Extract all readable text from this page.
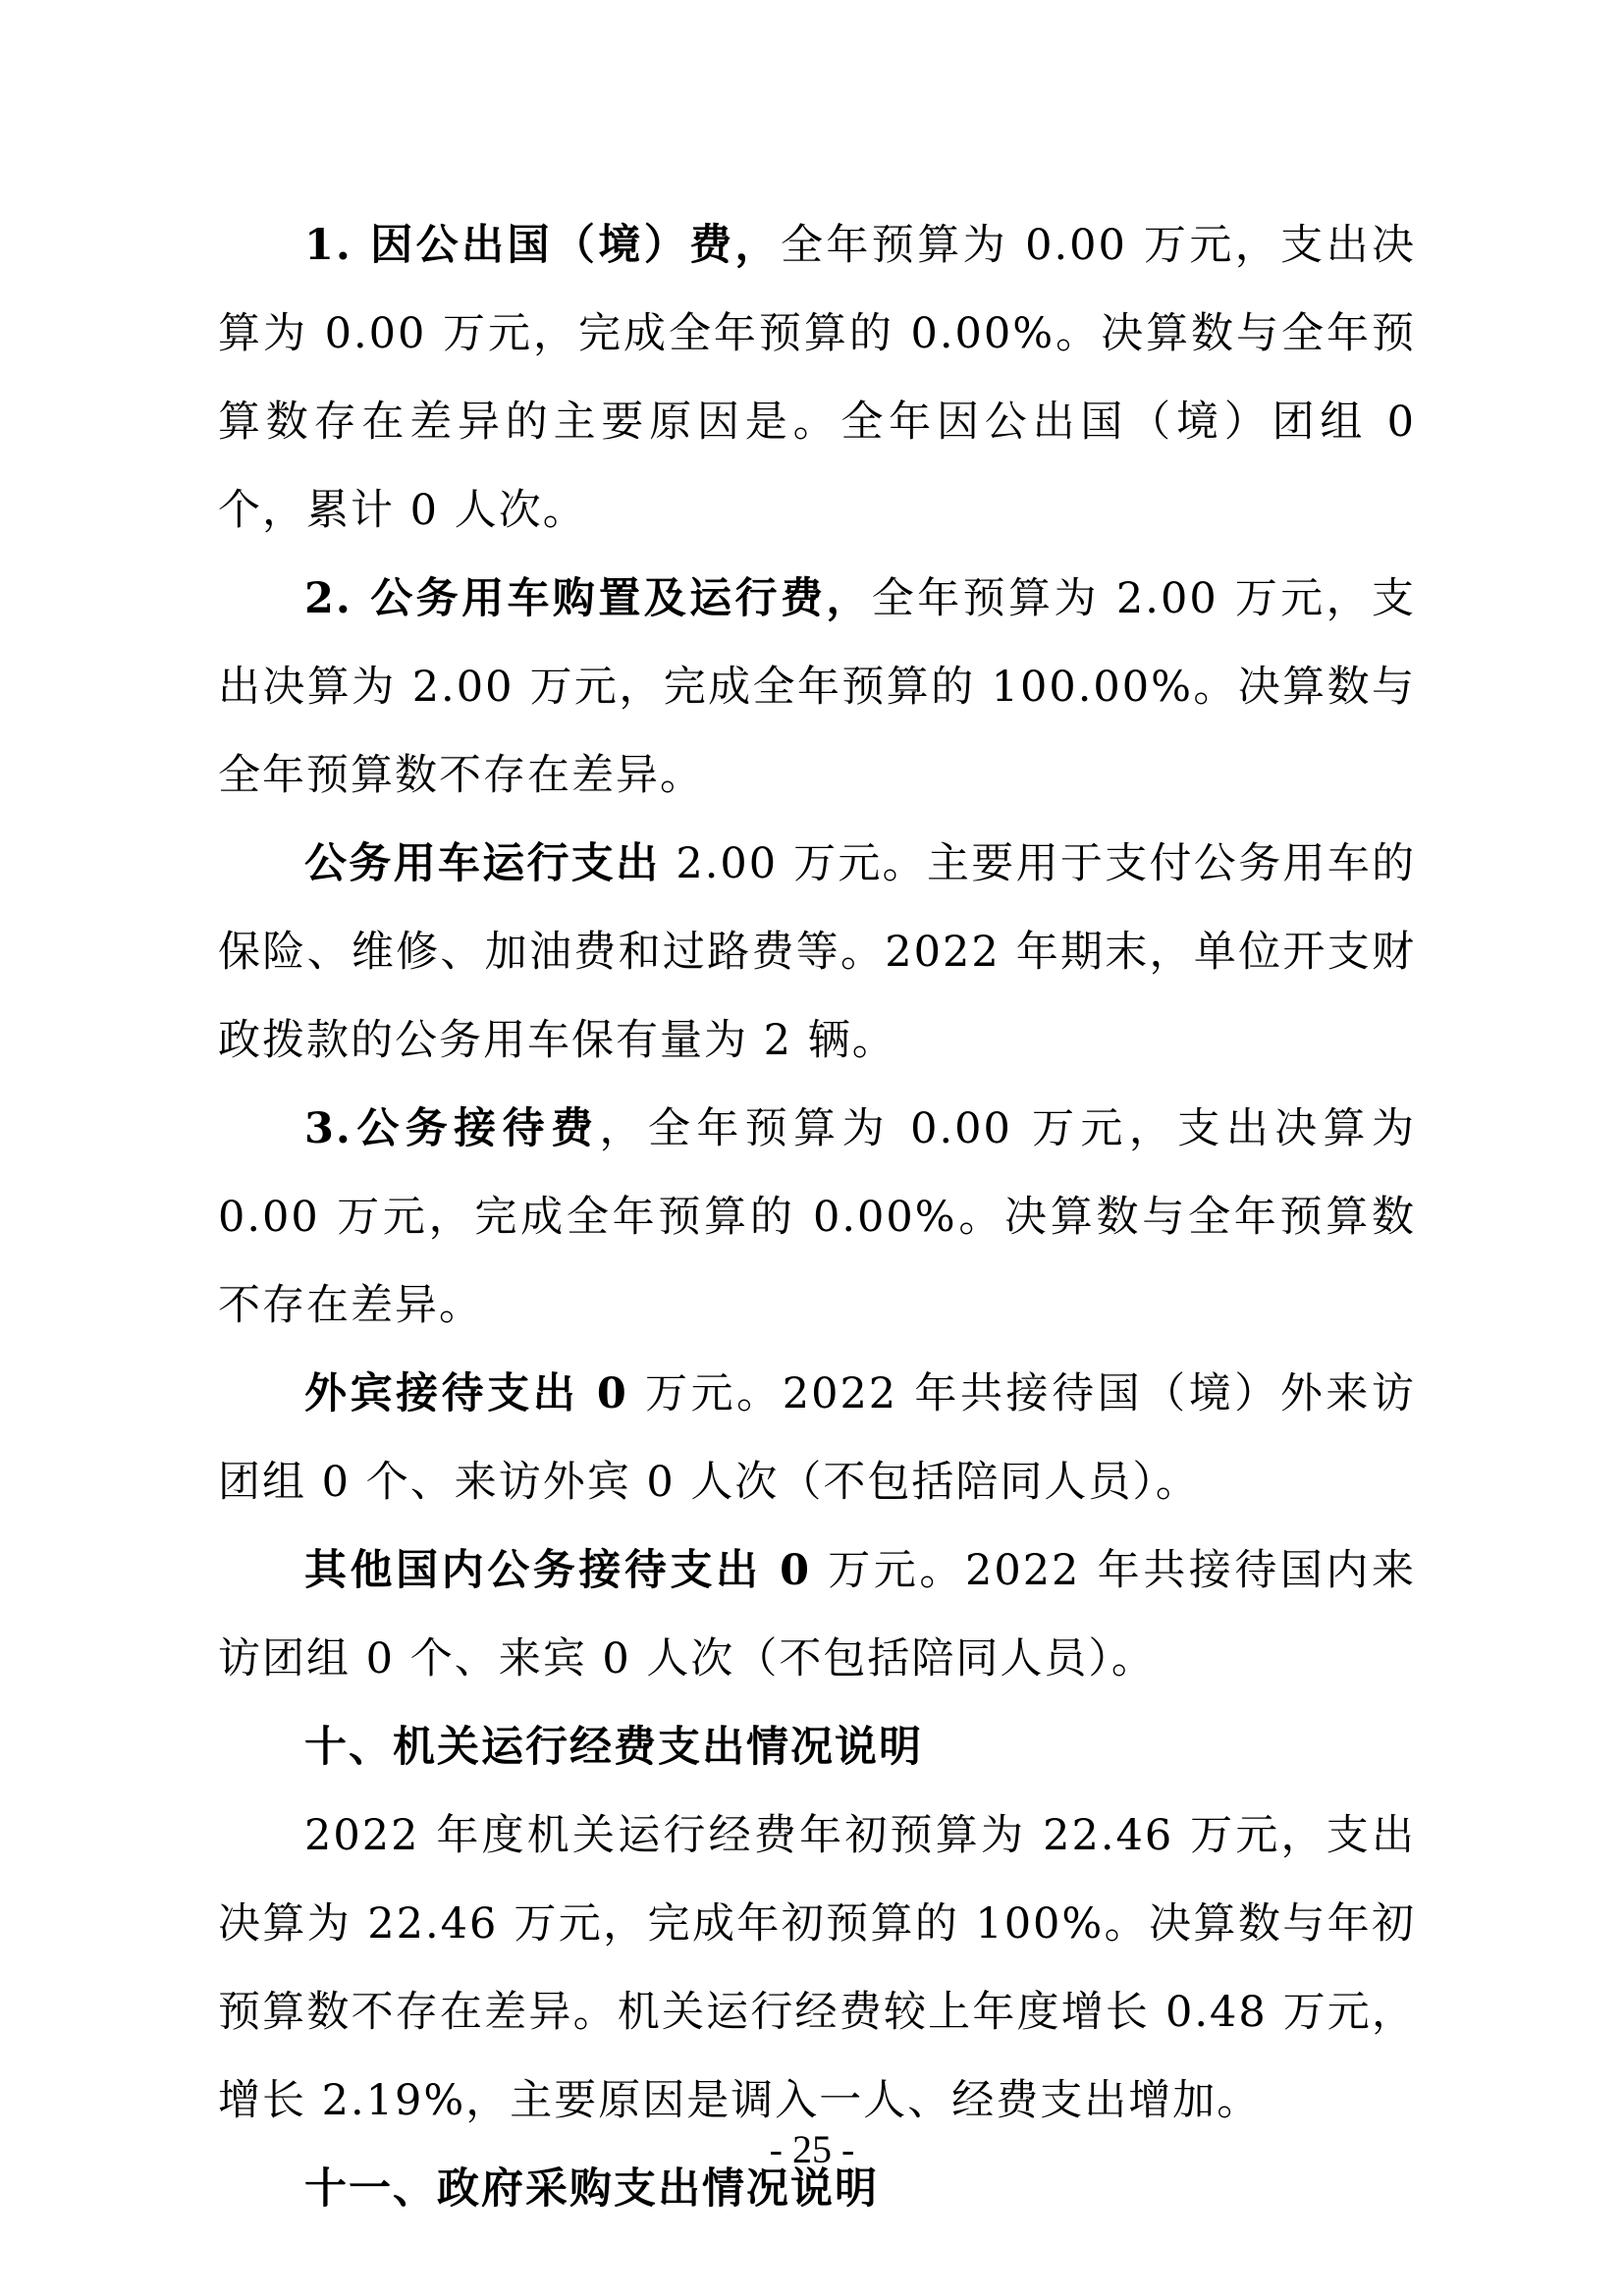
1. 因公出国（境）费，全年预算为 0.00 万元，支出决算为 0.00 万元，完成全年预算的 0.00%。决算数与全年预算数存在差异的主要原因是。全年因公出国（境）团组 0 个，累计 0 人次。

2. 公务用车购置及运行费，全年预算为 2.00 万元，支出决算为 2.00 万元，完成全年预算的 100.00%。决算数与全年预算数不存在差异。

公务用车运行支出 2.00 万元。主要用于支付公务用车的保险、维修、加油费和过路费等。2022 年期末，单位开支财政拨款的公务用车保有量为 2 辆。

3.公务接待费，全年预算为 0.00 万元，支出决算为 0.00 万元，完成全年预算的 0.00%。决算数与全年预算数不存在差异。

外宾接待支出 0 万元。2022 年共接待国（境）外来访团组 0 个、来访外宾 0 人次（不包括陪同人员）。

其他国内公务接待支出 0 万元。2022 年共接待国内来访团组 0 个、来宾 0 人次（不包括陪同人员）。

十、机关运行经费支出情况说明

2022 年度机关运行经费年初预算为 22.46 万元，支出决算为 22.46 万元，完成年初预算的 100%。决算数与年初预算数不存在差异。机关运行经费较上年度增长 0.48 万元，增长 2.19%，主要原因是调入一人、经费支出增加。

十一、政府采购支出情况说明

- 25 -
